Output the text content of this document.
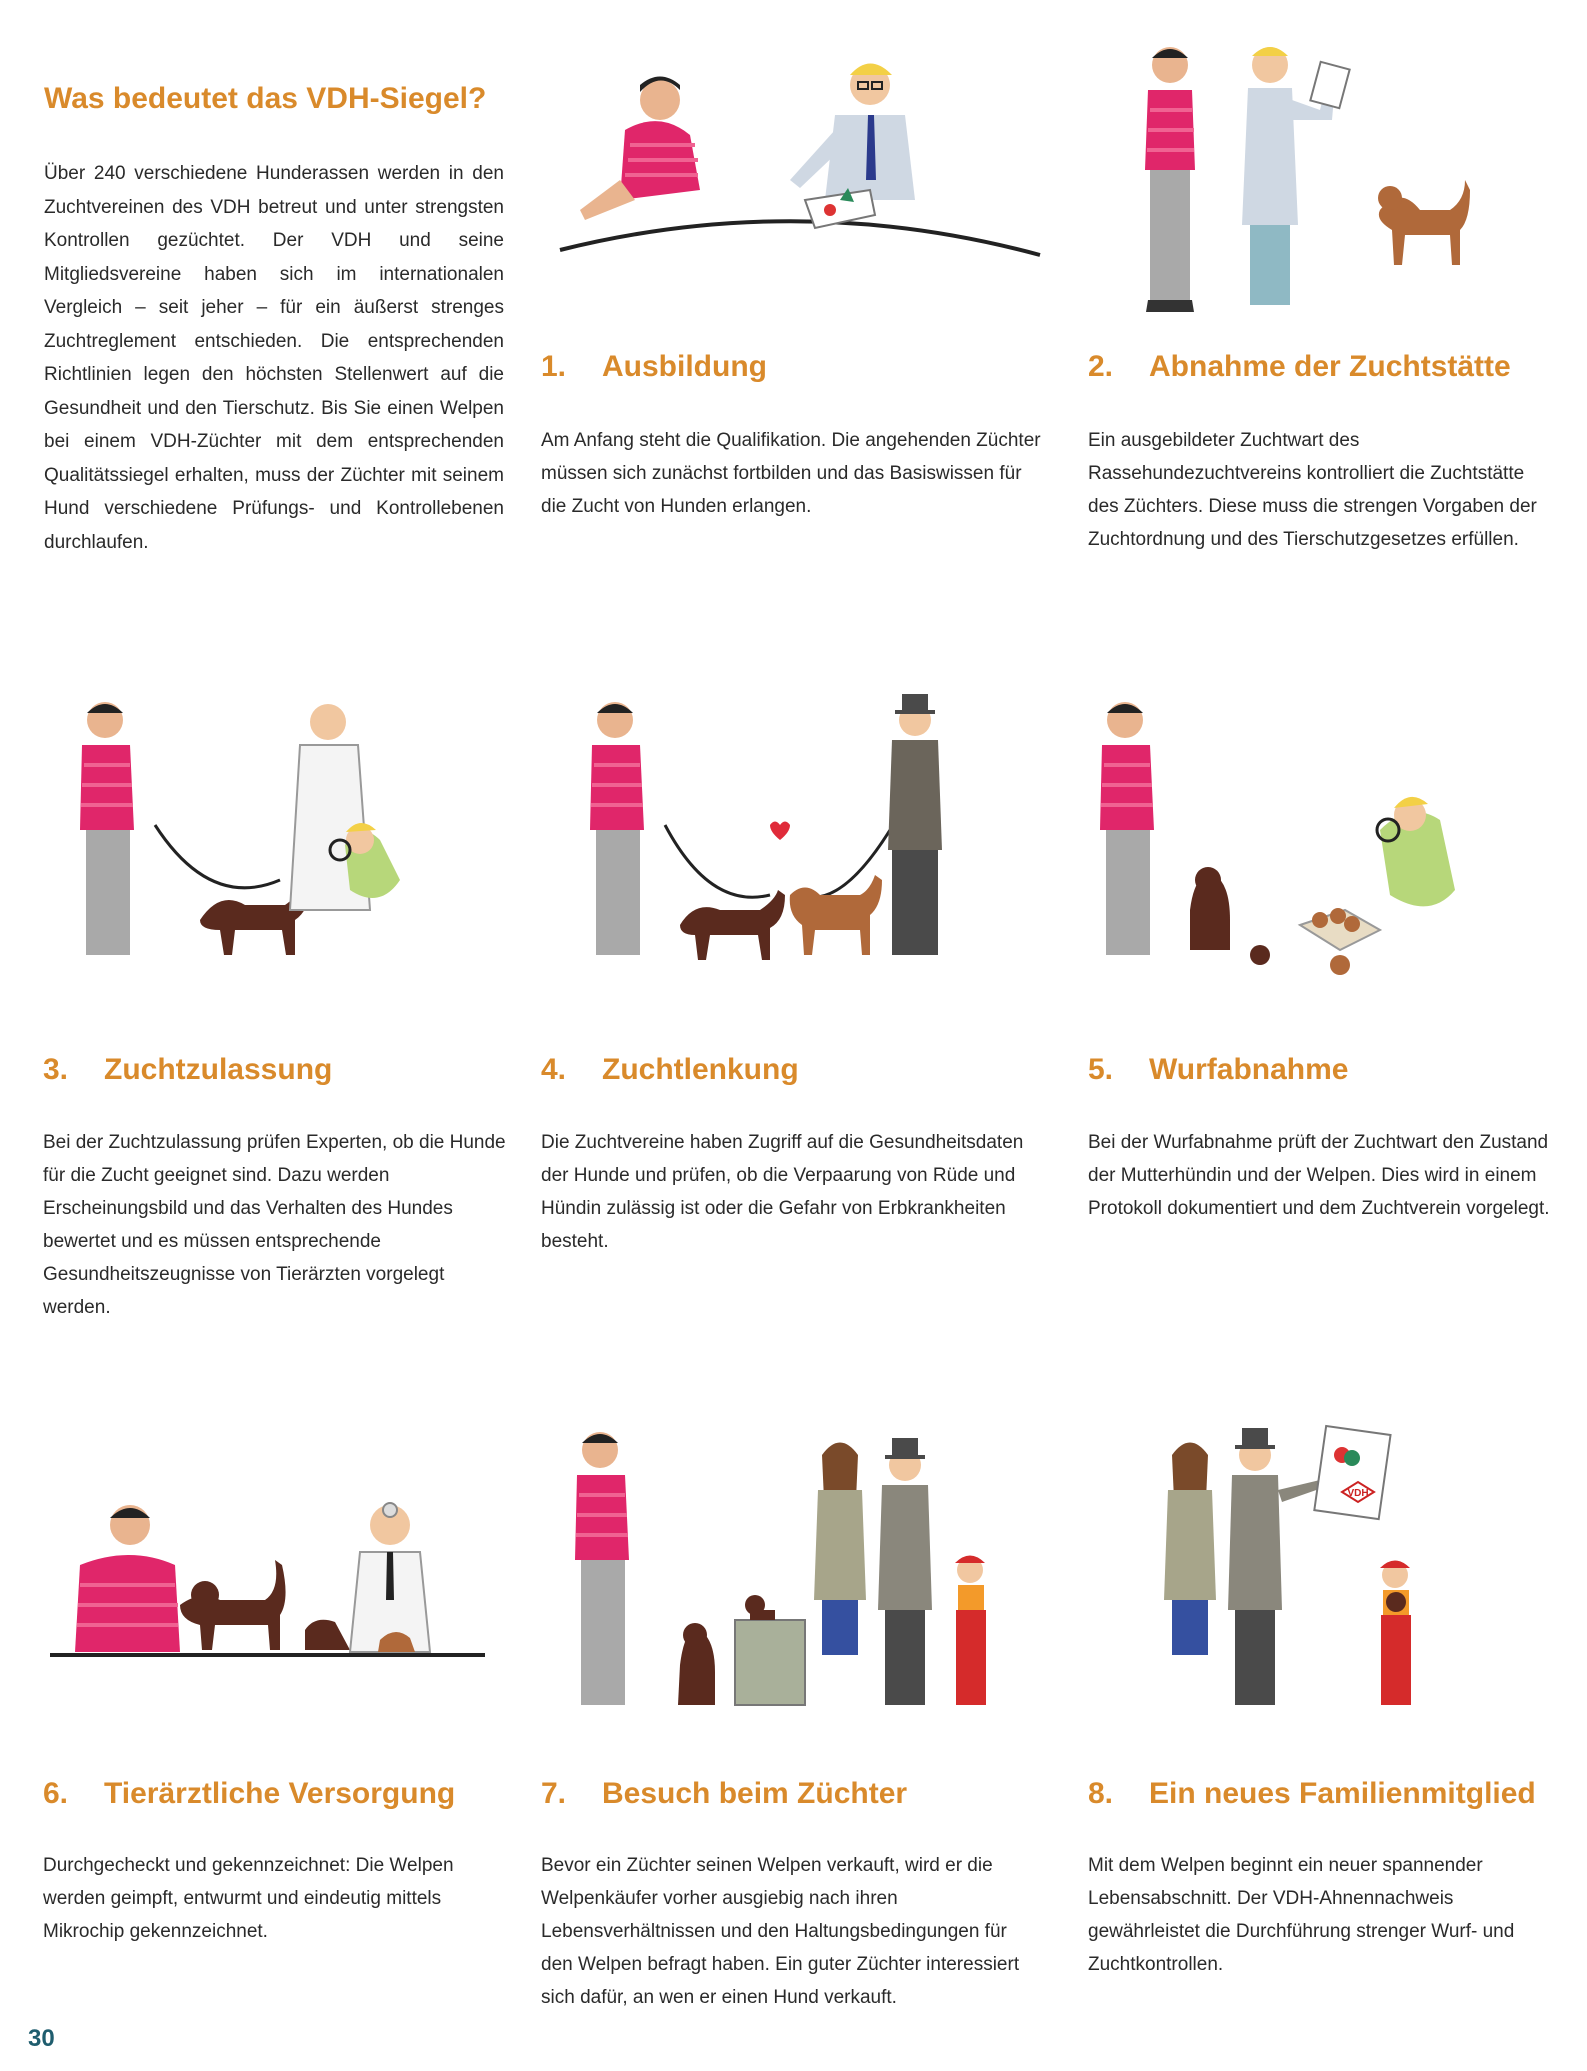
Was bedeutet das VDH-Siegel?
Über 240 verschiedene Hunderassen werden in den Zuchtvereinen des VDH betreut und unter strengsten Kontrollen gezüchtet. Der VDH und seine Mitgliedsvereine haben sich im internationalen Vergleich – seit jeher – für ein äußerst strenges Zuchtreglement entschieden. Die entsprechenden Richtlinien legen den höchsten Stellenwert auf die Gesundheit und den Tierschutz. Bis Sie einen Welpen bei einem VDH-Züchter mit dem entsprechenden Qualitätssiegel erhalten, muss der Züchter mit seinem Hund verschiedene Prüfungs- und Kontrollebenen durchlaufen.
1. Ausbildung
Am Anfang steht die Qualifikation. Die angehenden Züchter müssen sich zunächst fortbilden und das Basiswissen für die Zucht von Hunden erlangen.
2. Abnahme der Zuchtstätte
Ein ausgebildeter Zuchtwart des Rassehundezuchtvereins kontrolliert die Zuchtstätte des Züchters. Diese muss die strengen Vorgaben der Zuchtordnung und des Tierschutzgesetzes erfüllen.
3. Zuchtzulassung
Bei der Zuchtzulassung prüfen Experten, ob die Hunde für die Zucht geeignet sind. Dazu werden Erscheinungsbild und das Verhalten des Hundes bewertet und es müssen entsprechende Gesundheitszeugnisse von Tierärzten vorgelegt werden.
4. Zuchtlenkung
Die Zuchtvereine haben Zugriff auf die Gesundheitsdaten der Hunde und prüfen, ob die Verpaarung von Rüde und Hündin zulässig ist oder die Gefahr von Erbkrankheiten besteht.
5. Wurfabnahme
Bei der Wurfabnahme prüft der Zuchtwart den Zustand der Mutterhündin und der Welpen. Dies wird in einem Protokoll dokumentiert und dem Zuchtverein vorgelegt.
VDH
6. Tierärztliche Versorgung
Durchgecheckt und gekennzeichnet: Die Welpen werden geimpft, entwurmt und eindeutig mittels Mikrochip gekennzeichnet.
7. Besuch beim Züchter
Bevor ein Züchter seinen Welpen verkauft, wird er die Welpenkäufer vorher ausgiebig nach ihren Lebensverhältnissen und den Haltungsbedingungen für den Welpen befragt haben. Ein guter Züchter interessiert sich dafür, an wen er einen Hund verkauft.
8. Ein neues Familienmitglied
Mit dem Welpen beginnt ein neuer spannender Lebensabschnitt. Der VDH-Ahnennachweis gewährleistet die Durchführung strenger Wurf- und Zuchtkontrollen.
30
